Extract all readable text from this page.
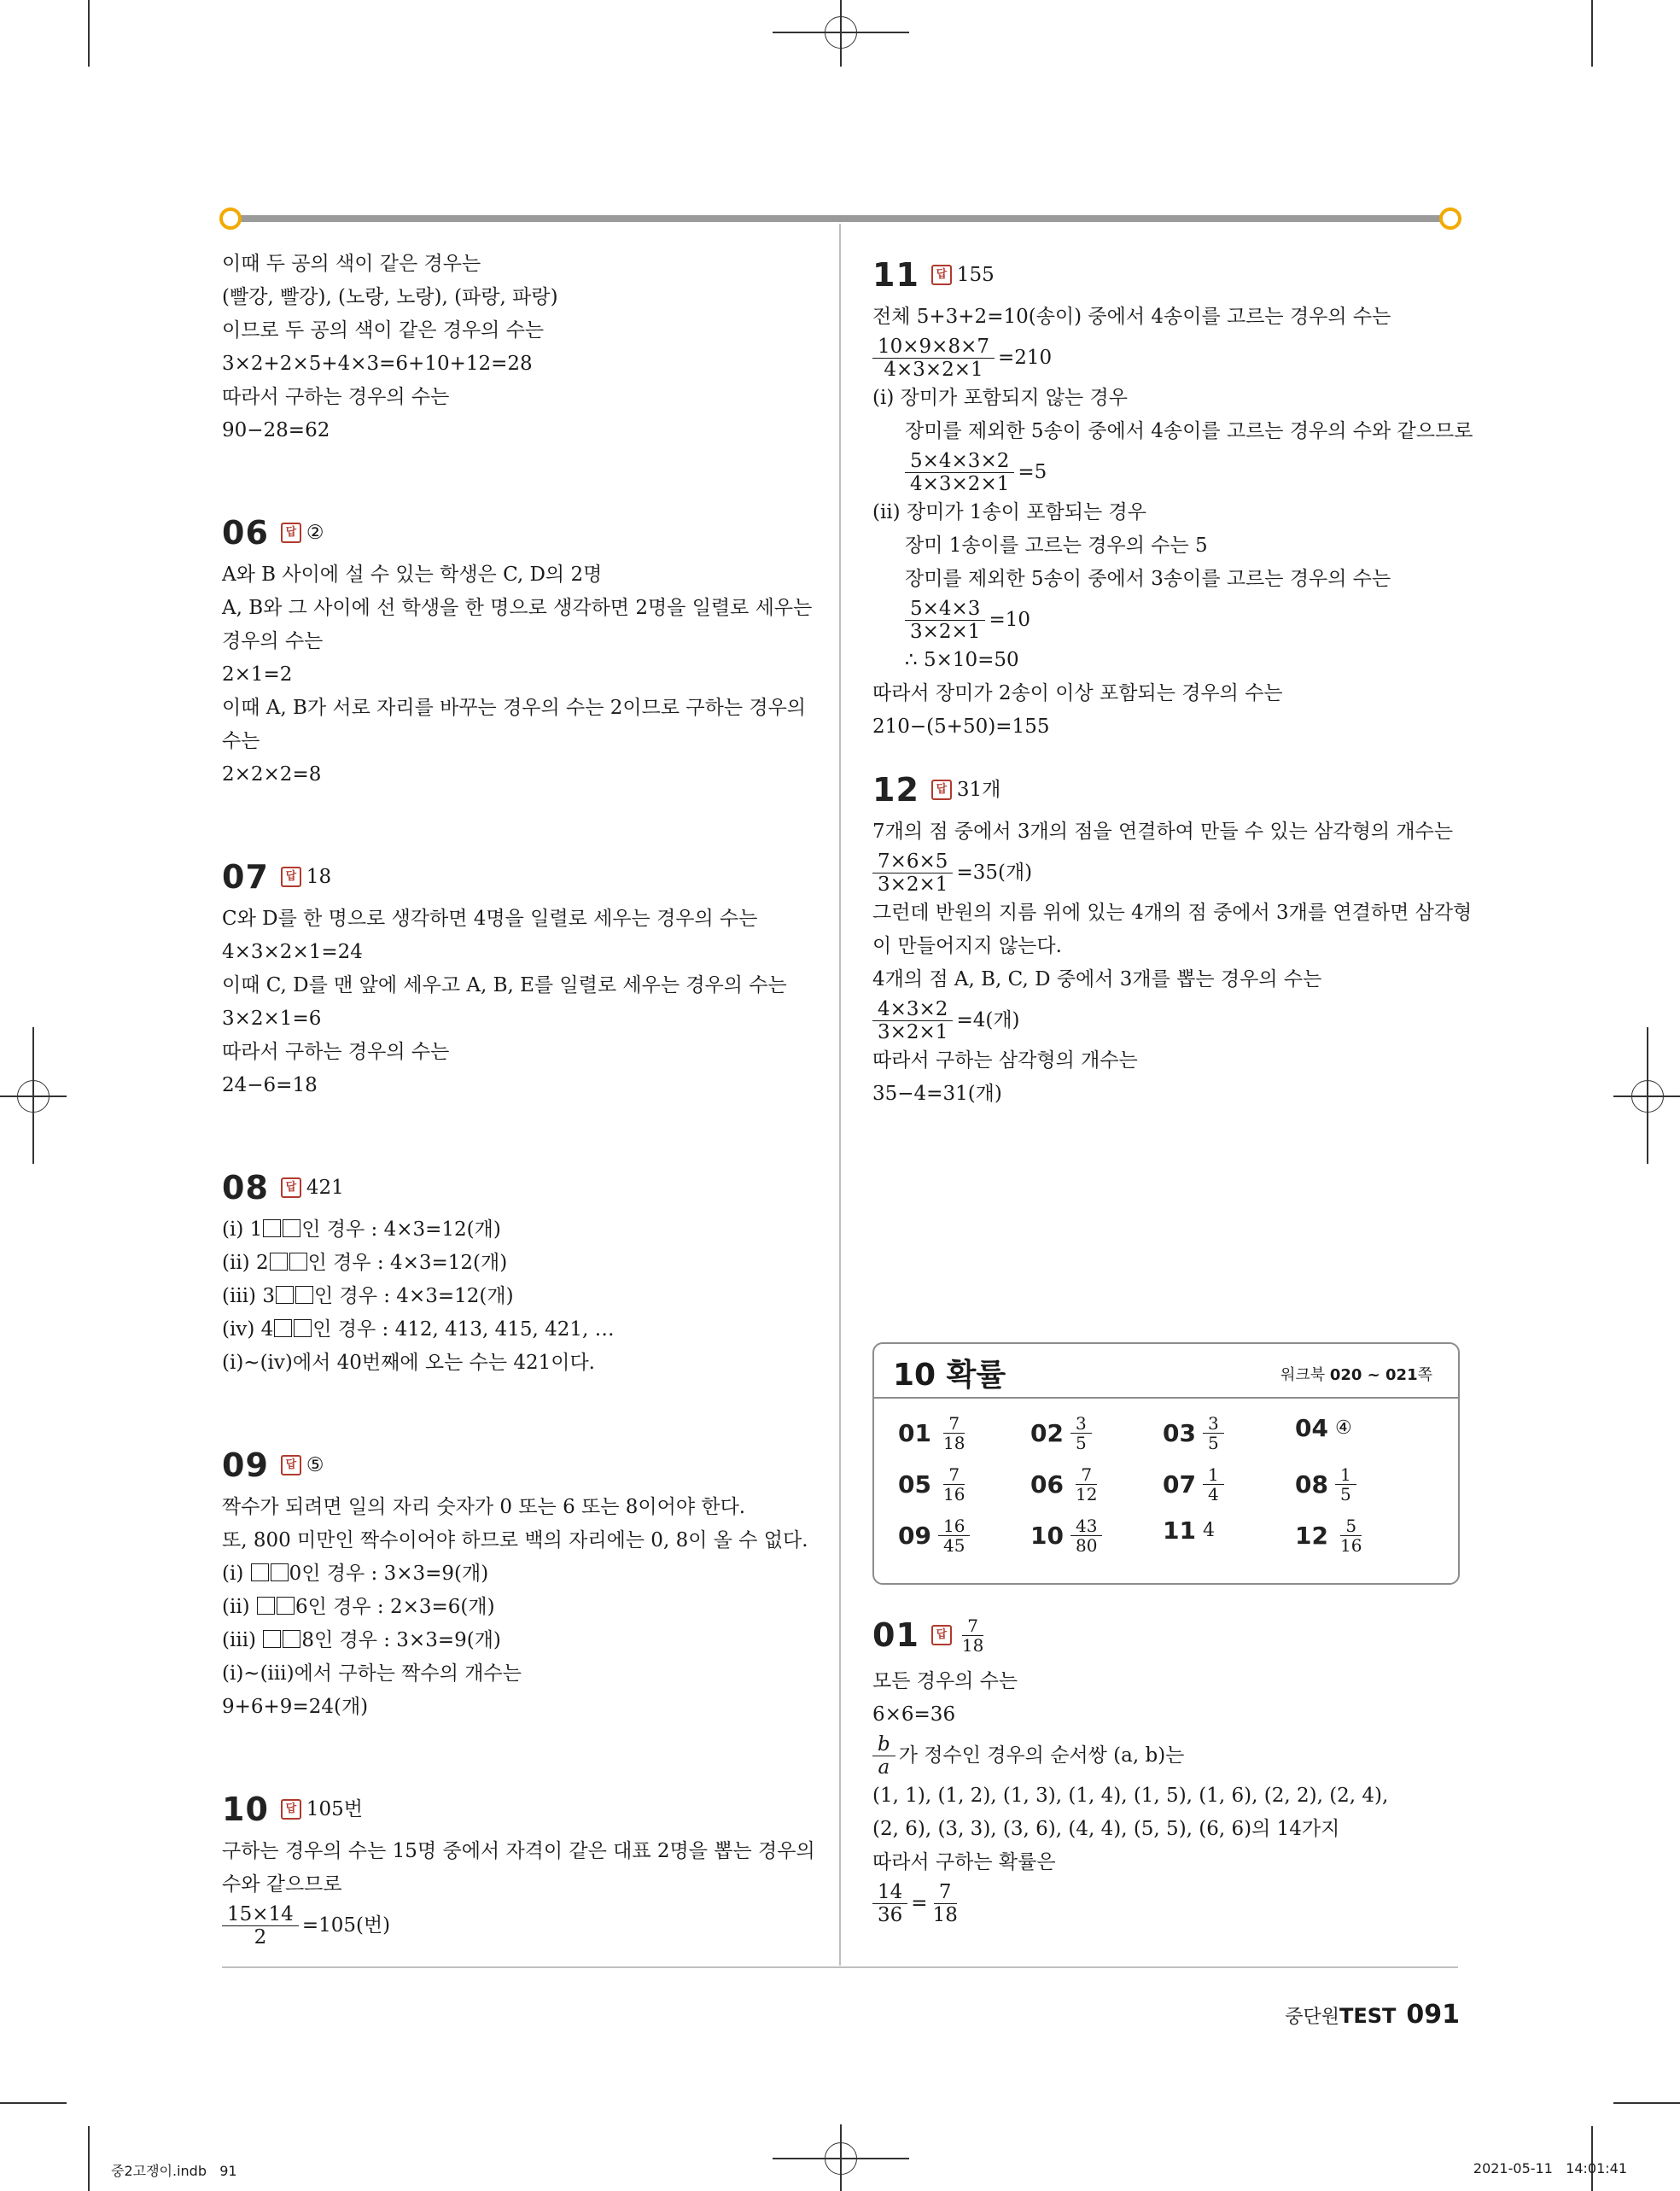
이때 두 공의 색이 같은 경우는
(빨강, 빨강), (노랑, 노랑), (파랑, 파랑)
이므로 두 공의 색이 같은 경우의 수는
3×2+2×5+4×3=6+10+12=28
따라서 구하는 경우의 수는
90−28=62
06	답 ②
A와 B 사이에 설 수 있는 학생은 C, D의 2명
A, B와 그 사이에 선 학생을 한 명으로 생각하면 2명을 일렬로 세우는
경우의 수는
2×1=2
이때 A, B가 서로 자리를 바꾸는 경우의 수는 2이므로 구하는 경우의
수는
2×2×2=8
07	답 18
C와 D를 한 명으로 생각하면 4명을 일렬로 세우는 경우의 수는
4×3×2×1=24
이때 C, D를 맨 앞에 세우고 A, B, E를 일렬로 세우는 경우의 수는
3×2×1=6
따라서 구하는 경우의 수는
24−6=18
08	답 421
(ⅰ) 1 인 경우 : 4×3=12(개)
(ⅱ) 2 인 경우 : 4×3=12(개)
(ⅲ) 3 인 경우 : 4×3=12(개)
(ⅳ) 4 인 경우 : 412, 413, 415, 421, …
(ⅰ)~(ⅳ)에서 40번째에 오는 수는 421이다.
09	답 ⑤
짝수가 되려면 일의 자리 숫자가 0 또는 6 또는 8이어야 한다.
또, 800 미만인 짝수이어야 하므로 백의 자리에는 0, 8이 올 수 없다.
(ⅰ) 0인 경우 : 3×3=9(개)
(ⅱ) 6인 경우 : 2×3=6(개)
(ⅲ) 8인 경우 : 3×3=9(개)
(ⅰ)~(ⅲ)에서 구하는 짝수의 개수는
9+6+9=24(개)
10	답 105번
구하는 경우의 수는 15명 중에서 자격이 같은 대표 2명을 뽑는 경우의
수와 같으므로
$\frac{15\times 14}{2} =105$(번)
11	답 155
전체 5+3+2=10(송이) 중에서 4송이를 고르는 경우의 수는
$\frac{10\times 9\times 8\times 7}{4\times 3\times 2\times 1} =210$
(ⅰ) 장미가 포함되지 않는 경우
장미를 제외한 5송이 중에서 4송이를 고르는 경우의 수와 같으므로
$\frac{5\times 4\times 3\times 2}{4\times 3\times 2\times 1} =5$
(ⅱ) 장미가 1송이 포함되는 경우
장미 1송이를 고르는 경우의 수는 5
장미를 제외한 5송이 중에서 3송이를 고르는 경우의 수는
$\frac{5\times 4\times 3}{3\times 2\times 1} =10$
∴ 5×10=50
따라서 장미가 2송이 이상 포함되는 경우의 수는
210−(5+50)=155
12	답 31개
7개의 점 중에서 3개의 점을 연결하여 만들 수 있는 삼각형의 개수는
$\frac{7\times 6\times 5}{3\times 2\times 1} =35$(개)
그런데 반원의 지름 위에 있는 4개의 점 중에서 3개를 연결하면 삼각형
이 만들어지지 않는다.
4개의 점 A, B, C, D 중에서 3개를 뽑는 경우의 수는
$\frac{4\times 3\times 2}{3\times 2\times 1} =4$(개)
따라서 구하는 삼각형의 개수는
35−4=31(개)
10 확률	워크북 020 ~ 021쪽
$01 \frac{7}{18}$	$02 \frac{3}{5}$	$03 \frac{3}{5}$	04 ④
$05 \frac{7}{16}$	$06 \frac{7}{12}$	$07 \frac{1}{4}$	$08 \frac{1}{5}$
$09 \frac{16}{45}$	$10 \frac{43}{80}$	11 4	$12 \frac{5}{16}$
01	답 $\frac{7}{18}$
모든 경우의 수는
6×6=36
$\frac{b}{a}$ 가 정수인 경우의 순서쌍 (a, b)는
(1, 1), (1, 2), (1, 3), (1, 4), (1, 5), (1, 6), (2, 2), (2, 4),
(2, 6), (3, 3), (3, 6), (4, 4), (5, 5), (6, 6)의 14가지
따라서 구하는 확률은
$\frac{14}{36} = \frac{7}{18}$
중단원 TEST 091
중2고쟁이.indb   91	2021-05-11   14:01:41
